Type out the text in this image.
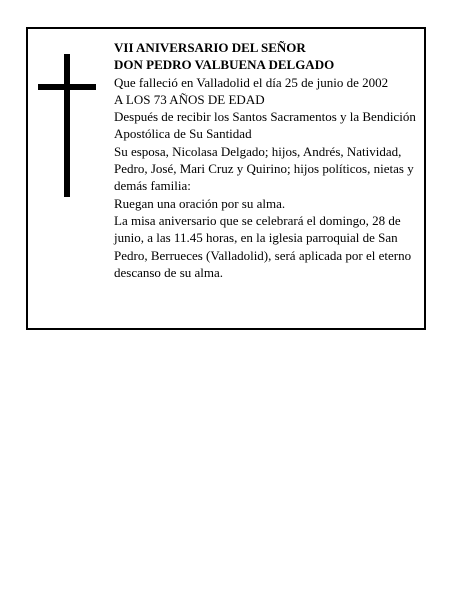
VII ANIVERSARIO DEL SEÑOR

DON PEDRO VALBUENA DELGADO

Que falleció en Valladolid el día 25 de junio de 2002

A LOS 73 AÑOS DE EDAD

Después de recibir los Santos Sacramentos y la Bendición Apostólica de Su Santidad

Su esposa, Nicolasa Delgado; hijos, Andrés, Natividad, Pedro, José, Mari Cruz y Quirino; hijos políticos, nietas y demás familia:

Ruegan una oración por su alma.

La misa aniversario que se celebrará el domingo, 28 de junio, a las 11.45 horas, en la iglesia parroquial de San Pedro, Berrueces (Valladolid), será aplicada por el eterno descanso de su alma.
